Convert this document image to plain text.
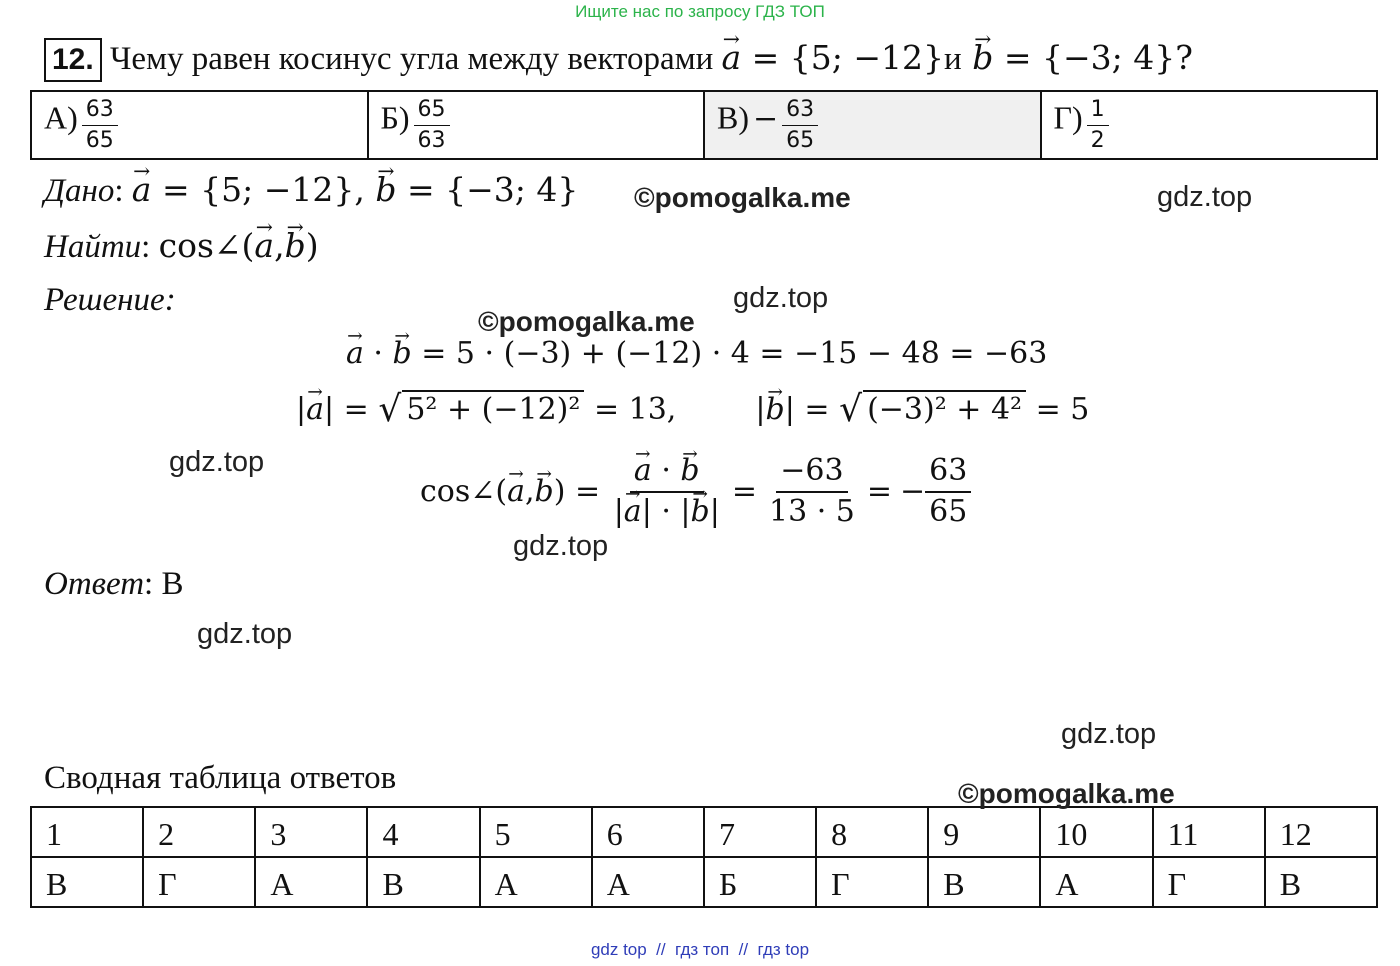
Ищите нас по запросу ГДЗ ТОП
12. Чему равен косинус угла между векторами → a = {5; −12}и → b = {−3; 4}?
$А) \frac{63}{65}$	$Б) \frac{65}{63}$	$В) - \frac{63}{65}$	$Г) \frac{1}{2}$
Дано: → a = {5; −12}, → b = {−3; 4}
Найти: cos∠(→ a,→ b)
Решение:
→ a · → b = 5 · (−3) + (−12) · 4 = −15 − 48 = −63
|→ a| = √ 5² + (−12)² = 13,  |→ b| = √ (−3)² + 4² = 5
cos∠( → a , → b ) = → $\frac{a \cdot \to b}{|\to a| \cdot |\to b|} = \frac{-63}{13 \cdot 5}$ = − $\frac{63}{65}$
Ответ: В
Сводная таблица ответов
1	2	3	4	5	6	7	8	9	10	11	12
В	Г	А	В	А	А	Б	Г	В	А	Г	В
©pomogalka.me	gdz.top
gdz.top
©pomogalka.me
gdz.top
gdz.top
gdz.top
gdz.top
©pomogalka.me
gdz top  //  гдз топ  //  гдз top
